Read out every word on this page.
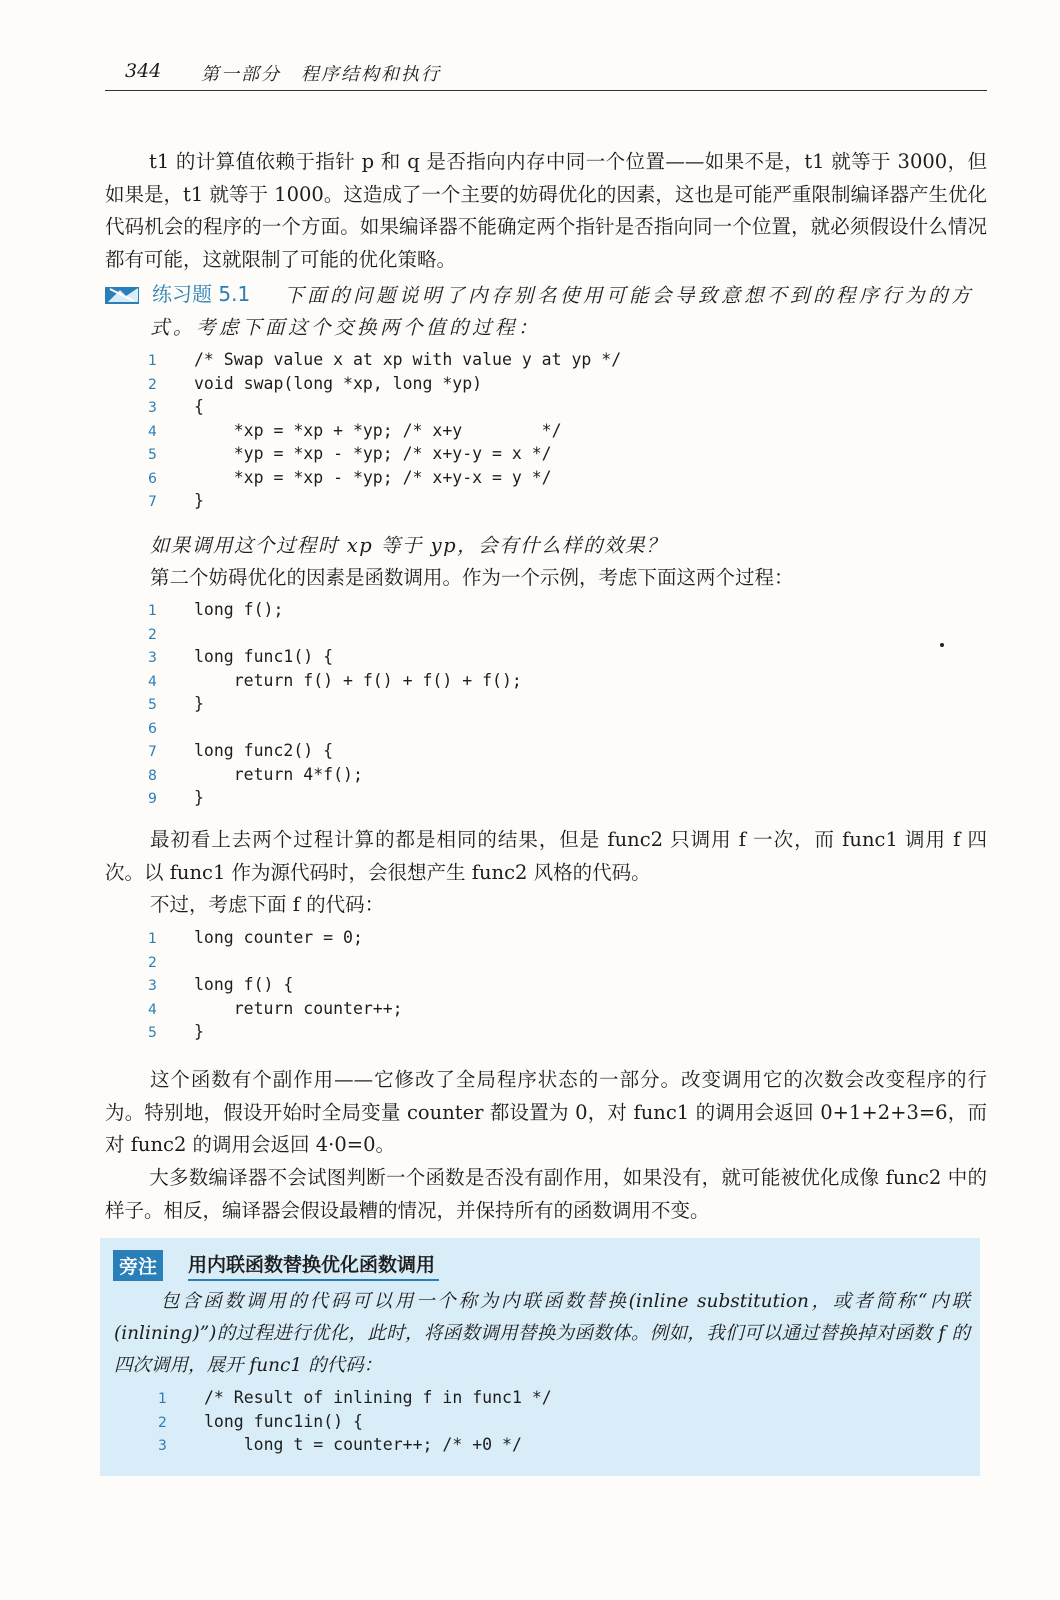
344 第一部分　程序结构和执行
t1 的计算值依赖于指针 p 和 q 是否指向内存中同一个位置——如果不是，t1 就等于 3000，但如果是，t1 就等于 1000。这造成了一个主要的妨碍优化的因素，这也是可能严重限制编译器产生优化代码机会的程序的一个方面。如果编译器不能确定两个指针是否指向同一个位置，就必须假设什么情况都有可能，这就限制了可能的优化策略。
练习题 5.1 下面的问题说明了内存别名使用可能会导致意想不到的程序行为的方
式。考虑下面这个交换两个值的过程：
1 /* Swap value x at xp with value y at yp */
2 void swap(long *xp, long *yp)
3 {
4 *xp = *xp + *yp; /* x+y        */
5 *yp = *xp - *yp; /* x+y-y = x */
6 *xp = *xp - *yp; /* x+y-x = y */
7 }
如果调用这个过程时 xp 等于 yp，会有什么样的效果？
第二个妨碍优化的因素是函数调用。作为一个示例，考虑下面这两个过程：
1 long f();
2
3 long func1() {
4 return f() + f() + f() + f();
5 }
6
7 long func2() {
8 return 4*f();
9 }
最初看上去两个过程计算的都是相同的结果，但是 func2 只调用 f 一次，而 func1 调用 f 四次。以 func1 作为源代码时，会很想产生 func2 风格的代码。
不过，考虑下面 f 的代码：
1 long counter = 0;
2
3 long f() {
4 return counter++;
5 }
这个函数有个副作用——它修改了全局程序状态的一部分。改变调用它的次数会改变程序的行为。特别地，假设开始时全局变量 counter 都设置为 0，对 func1 的调用会返回 0+1+2+3=6，而对 func2 的调用会返回 4·0=0。
大多数编译器不会试图判断一个函数是否没有副作用，如果没有，就可能被优化成像 func2 中的样子。相反，编译器会假设最糟的情况，并保持所有的函数调用不变。
旁注	用内联函数替换优化函数调用
包含函数调用的代码可以用一个称为内联函数替换(inline substitution，或者简称“内联(inlining)”)的过程进行优化，此时，将函数调用替换为函数体。例如，我们可以通过替换掉对函数 f 的四次调用，展开 func1 的代码：
1 /* Result of inlining f in func1 */
2 long func1in() {
3 long t = counter++; /* +0 */
